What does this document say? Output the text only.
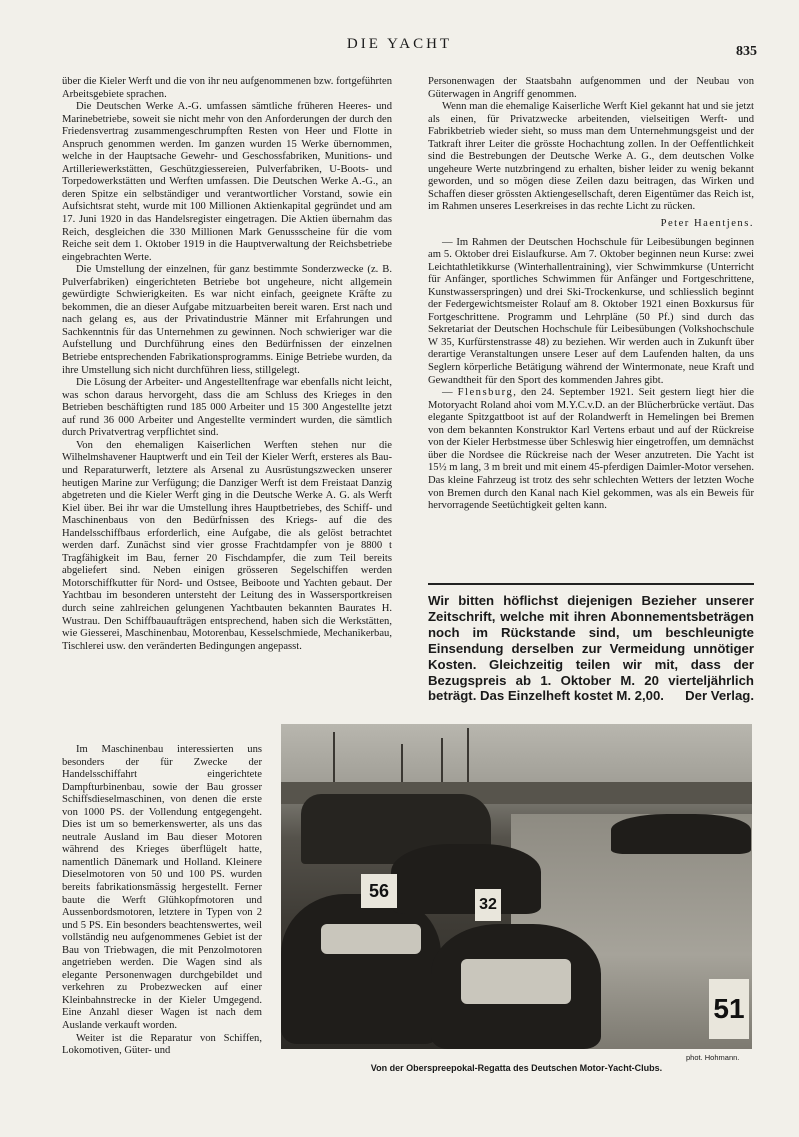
DIE YACHT	835

über die Kieler Werft und die von ihr neu aufgenommenen bzw. fortgeführten Arbeitsgebiete sprachen.

Die Deutschen Werke A.-G. umfassen sämtliche früheren Heeres- und Marinebetriebe, soweit sie nicht mehr von den Anforderungen der durch den Friedensvertrag zusammengeschrumpften Resten von Heer und Flotte in Anspruch genommen werden. Im ganzen wurden 15 Werke übernommen, welche in der Hauptsache Gewehr- und Geschossfabriken, Munitions- und Artilleriewerkstätten, Geschützgiessereien, Pulverfabriken, U-Boots- und Torpedowerkstätten und Werften umfassen. Die Deutschen Werke A.-G., an deren Spitze ein selbständiger und verantwortlicher Vorstand, sowie ein Aufsichtsrat steht, wurde mit 100 Millionen Aktienkapital gegründet und am 17. Juni 1920 in das Handelsregister eingetragen. Die Aktien übernahm das Reich, desgleichen die 330 Millionen Mark Genussscheine für die vom Reiche seit dem 1. Oktober 1919 in die Hauptverwaltung der Reichsbetriebe eingebrachten Werte.

Die Umstellung der einzelnen, für ganz bestimmte Sonderzwecke (z. B. Pulverfabriken) eingerichteten Betriebe bot ungeheure, nicht allgemein gewürdigte Schwierigkeiten. Es war nicht einfach, geeignete Kräfte zu bekommen, die an dieser Aufgabe mitzuarbeiten bereit waren. Erst nach und nach gelang es, aus der Privatindustrie Männer mit Erfahrungen und Sachkenntnis für das Unternehmen zu gewinnen. Noch schwieriger war die Aufstellung und Durchführung eines den Bedürfnissen der einzelnen Betriebe entsprechenden Fabrikationsprogramms. Einige Betriebe wurden, da ihre Umstellung sich nicht durchführen liess, stillgelegt.

Die Lösung der Arbeiter- und Angestelltenfrage war ebenfalls nicht leicht, was schon daraus hervorgeht, dass die am Schluss des Krieges in den Betrieben beschäftigten rund 185 000 Arbeiter und 15 300 Angestellte jetzt auf rund 36 000 Arbeiter und Angestellte vermindert wurden, die sämtlich durch Privatvertrag verpflichtet sind.

Von den ehemaligen Kaiserlichen Werften stehen nur die Wilhelmshavener Hauptwerft und ein Teil der Kieler Werft, ersteres als Bau- und Reparaturwerft, letztere als Arsenal zu Ausrüstungszwecken unserer heutigen Marine zur Verfügung; die Danziger Werft ist dem Freistaat Danzig abgetreten und die Kieler Werft ging in die Deutsche Werke A. G. als Werft Kiel über. Bei ihr war die Umstellung ihres Hauptbetriebes, des Schiff- und Maschinenbaus von den Bedürfnissen des Kriegs- auf die des Handelsschiffbaus erforderlich, eine Aufgabe, die als gelöst betrachtet werden darf. Zunächst sind vier grosse Frachtdampfer von je 8800 t Tragfähigkeit im Bau, ferner 20 Fischdampfer, die zum Teil bereits abgeliefert sind. Neben einigen grösseren Segelschiffen werden Motorschiffkutter für Nord- und Ostsee, Beiboote und Yachten gebaut. Der Yachtbau im besonderen untersteht der Leitung des in Wassersportkreisen durch seine zahlreichen gelungenen Yachtbauten bekannten Baurates H. Wustrau. Den Schiffbauaufträgen entsprechend, haben sich die Werkstätten, wie Giesserei, Maschinenbau, Motorenbau, Kesselschmiede, Mechanikerbau, Tischlerei usw. den veränderten Bedingungen angepasst.

Im Maschinenbau interessierten uns besonders der für Zwecke der Handelsschiffahrt eingerichtete Dampfturbinenbau, sowie der Bau grosser Schiffsdieselmaschinen, von denen die erste von 1000 PS. der Vollendung entgegengeht. Dies ist um so bemerkenswerter, als uns das neutrale Ausland im Bau dieser Motoren während des Krieges überflügelt hatte, namentlich Dänemark und Holland. Kleinere Dieselmotoren von 50 und 100 PS. wurden bereits fabrikationsmässig hergestellt. Ferner baute die Werft Glühkopfmotoren und Aussenbordsmotoren, letztere in Typen von 2 und 5 PS. Ein besonders beachtenswertes, weil vollständig neu aufgenommenes Gebiet ist der Bau von Triebwagen, die mit Penzolmotoren angetrieben werden. Die Wagen sind als elegante Personenwagen durchgebildet und verkehren zu Probezwecken auf einer Kleinbahnstrecke in der Kieler Umgegend. Eine Anzahl dieser Wagen ist nach dem Auslande verkauft worden.

Weiter ist die Reparatur von Schiffen, Lokomotiven, Güter- und

Personenwagen der Staatsbahn aufgenommen und der Neubau von Güterwagen in Angriff genommen.

Wenn man die ehemalige Kaiserliche Werft Kiel gekannt hat und sie jetzt als einen, für Privatzwecke arbeitenden, vielseitigen Werft- und Fabrikbetrieb wieder sieht, so muss man dem Unternehmungsgeist und der Tatkraft ihrer Leiter die grösste Hochachtung zollen. In der Oeffentlichkeit sind die Bestrebungen der Deutsche Werke A. G., dem deutschen Volke ungeheure Werte nutzbringend zu erhalten, bisher leider zu wenig bekannt geworden, und so mögen diese Zeilen dazu beitragen, das Wirken und Schaffen dieser grössten Aktiengesellschaft, deren Eigentümer das Reich ist, im Rahmen unseres Leserkreises in das rechte Licht zu rücken.

Peter Haentjens.

— Im Rahmen der Deutschen Hochschule für Leibesübungen beginnen am 5. Oktober drei Eislaufkurse. Am 7. Oktober beginnen neun Kurse: zwei Leichtathletikkurse (Winterhallentraining), vier Schwimmkurse (Unterricht für Anfänger, sportliches Schwimmen für Anfänger und Fortgeschrittene, Kunstwasserspringen) und drei Ski-Trockenkurse, und schliesslich beginnt der Federgewichtsmeister Rolauf am 8. Oktober 1921 einen Boxkursus für Fortgeschrittene. Programm und Lehrpläne (50 Pf.) sind durch das Sekretariat der Deutschen Hochschule für Leibesübungen (Volkshochschule W 35, Kurfürstenstrasse 48) zu beziehen. Wir werden auch in Zukunft über derartige Veranstaltungen unsere Leser auf dem Laufenden halten, da uns Seglern körperliche Betätigung während der Wintermonate, neue Kraft und Gewandtheit für den Sport des kommenden Jahres gibt.

— Flensburg, den 24. September 1921. Seit gestern liegt hier die Motoryacht Roland ahoi vom M.Y.C.v.D. an der Blücherbrücke vertäut. Das elegante Spitzgattboot ist auf der Rolandwerft in Hemelingen bei Bremen von dem bekannten Konstruktor Karl Vertens erbaut und auf der Rückreise von der Kieler Herbstmesse über Schleswig hier eingetroffen, um demnächst über die Nordsee die Rückreise nach der Weser anzutreten. Die Yacht ist 15½ m lang, 3 m breit und mit einem 45-pferdigen Daimler-Motor versehen. Das kleine Fahrzeug ist trotz des sehr schlechten Wetters der letzten Woche von Bremen durch den Kanal nach Kiel gekommen, was als ein Beweis für hervorragende Seetüchtigkeit gelten kann.

Wir bitten höflichst diejenigen Bezieher unserer Zeitschrift, welche mit ihren Abonnementsbeträgen noch im Rückstande sind, um beschleunigte Einsendung derselben zur Vermeidung unnötiger Kosten. Gleichzeitig teilen wir mit, dass der Bezugspreis ab 1. Oktober M. 20 vierteljährlich beträgt. Das Einzelheft kostet M. 2,00. Der Verlag.
56
32
51
phot. Hohmann.
Von der Oberspreepokal-Regatta des Deutschen Motor-Yacht-Clubs.
